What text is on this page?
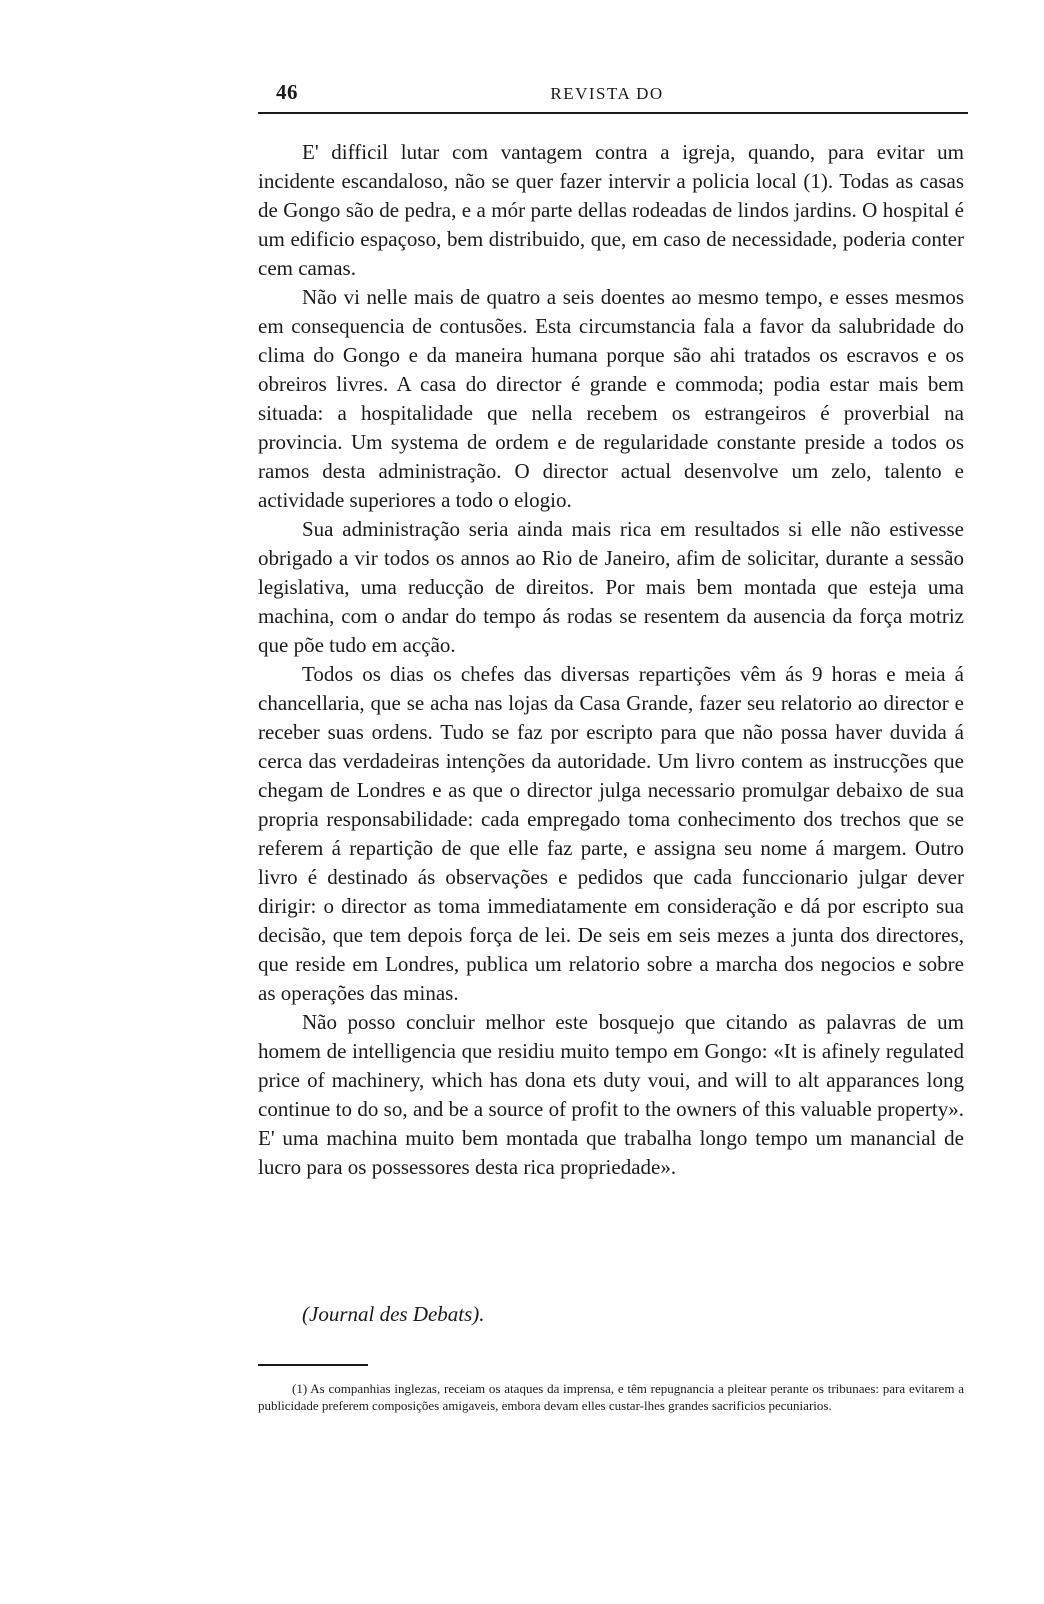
46	REVISTA DO

E' difficil lutar com vantagem contra a igreja, quando, para evitar um incidente escandaloso, não se quer fazer intervir a policia local (1). Todas as casas de Gongo são de pedra, e a mór parte dellas rodeadas de lindos jardins. O hospital é um edificio espaçoso, bem distribuido, que, em caso de necessidade, poderia conter cem camas.

Não vi nelle mais de quatro a seis doentes ao mesmo tempo, e esses mesmos em consequencia de contusões. Esta circumstancia fala a favor da salubridade do clima do Gongo e da maneira humana porque são ahi tratados os escravos e os obreiros livres. A casa do director é grande e commoda; podia estar mais bem situada: a hospitalidade que nella recebem os estrangeiros é proverbial na provincia. Um systema de ordem e de regularidade constante preside a todos os ramos desta administração. O director actual desenvolve um zelo, talento e actividade superiores a todo o elogio.

Sua administração seria ainda mais rica em resultados si elle não estivesse obrigado a vir todos os annos ao Rio de Janeiro, afim de solicitar, durante a sessão legislativa, uma reducção de direitos. Por mais bem montada que esteja uma machina, com o andar do tempo ás rodas se resentem da ausencia da força motriz que põe tudo em acção.

Todos os dias os chefes das diversas repartições vêm ás 9 horas e meia á chancellaria, que se acha nas lojas da Casa Grande, fazer seu relatorio ao director e receber suas ordens. Tudo se faz por escripto para que não possa haver duvida á cerca das verdadeiras intenções da autoridade. Um livro contem as instrucções que chegam de Londres e as que o director julga necessario promulgar debaixo de sua propria responsabilidade: cada empregado toma conhecimento dos trechos que se referem á repartição de que elle faz parte, e assigna seu nome á margem. Outro livro é destinado ás observações e pedidos que cada funccionario julgar dever dirigir: o director as toma immediatamente em consideração e dá por escripto sua decisão, que tem depois força de lei. De seis em seis mezes a junta dos directores, que reside em Londres, publica um relatorio sobre a marcha dos negocios e sobre as operações das minas.

Não posso concluir melhor este bosquejo que citando as palavras de um homem de intelligencia que residiu muito tempo em Gongo: «It is afinely regulated price of machinery, which has dona ets duty voui, and will to alt apparances long continue to do so, and be a source of profit to the owners of this valuable property». E' uma machina muito bem montada que trabalha longo tempo um manancial de lucro para os possessores desta rica propriedade».

(Journal des Debats).
(1) As companhias inglezas, receiam os ataques da imprensa, e têm repugnancia a pleitear perante os tribunaes: para evitarem a publicidade preferem composições amigaveis, embora devam elles custar-lhes grandes sacrificios pecuniarios.
